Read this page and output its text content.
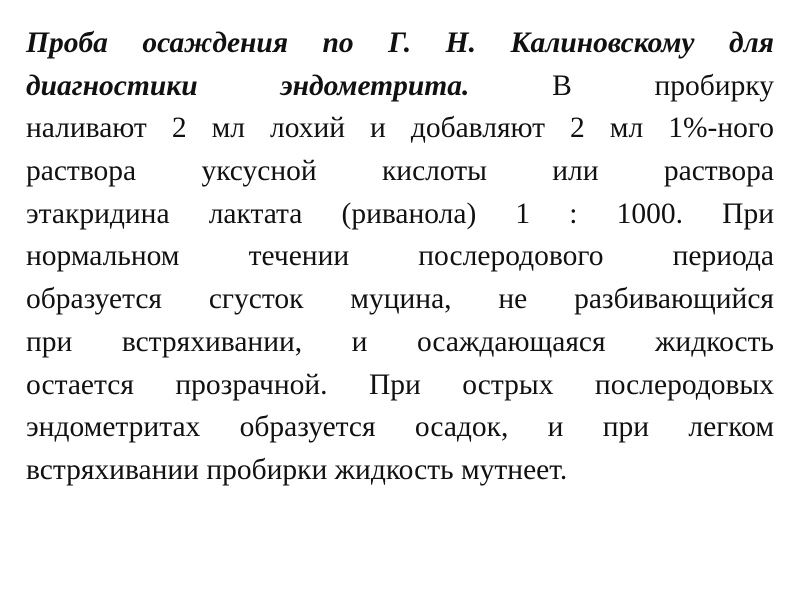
Проба осаждения по Г. Н. Калиновскому для
диагностики эндометрита.	В пробирку
наливают 2 мл лохий и добавляют 2 мл 1%-ного
раствора уксусной кислоты или раствора
этакридина лактата (риванола) 1 : 1000. При
нормальном течении послеродового периода
образуется сгусток муцина, не разбивающийся
при встряхивании, и осаждающаяся жидкость
остается прозрачной. При острых послеродовых
эндометритах образуется осадок, и при легком
встряхивании пробирки жидкость мутнеет.
